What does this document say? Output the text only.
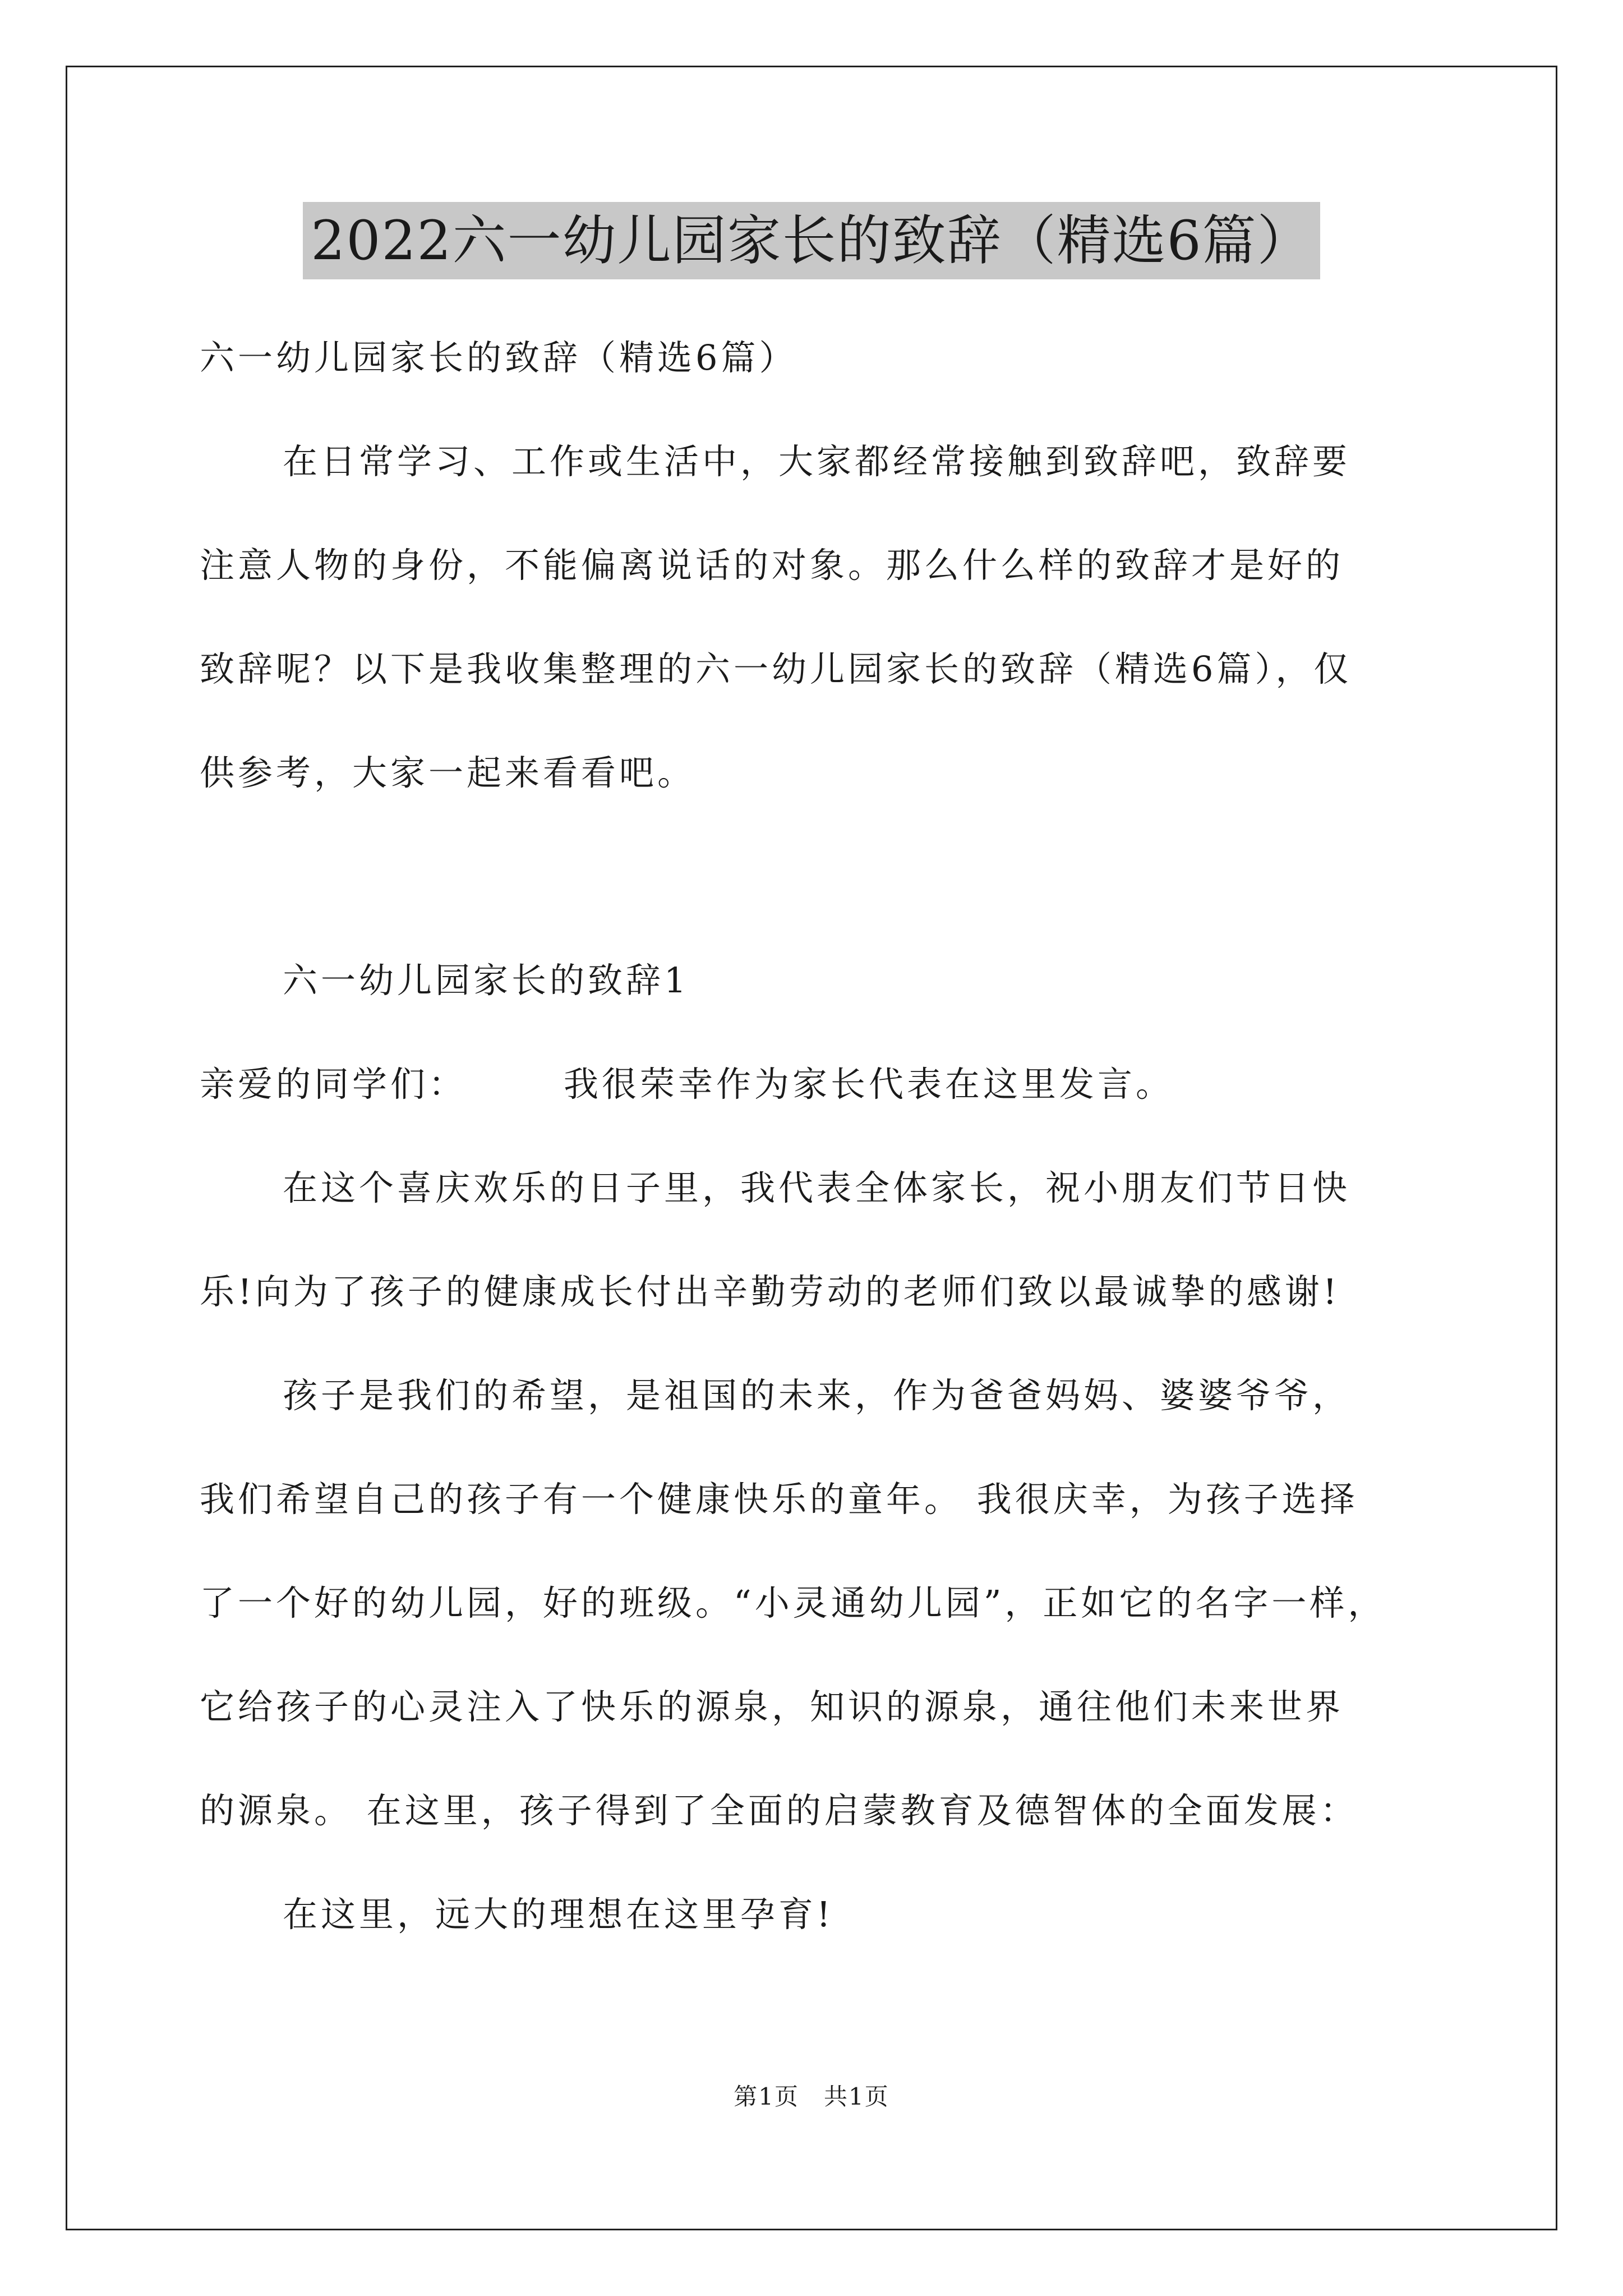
2022六一幼儿园家长的致辞（精选6篇）
六一幼儿园家长的致辞（精选6篇）
在日常学习、工作或生活中，大家都经常接触到致辞吧，致辞要
注意人物的身份，不能偏离说话的对象。那么什么样的致辞才是好的
致辞呢？以下是我收集整理的六一幼儿园家长的致辞（精选6篇），仅
供参考，大家一起来看看吧。
六一幼儿园家长的致辞1
亲爱的同学们：　　　我很荣幸作为家长代表在这里发言。
在这个喜庆欢乐的日子里，我代表全体家长，祝小朋友们节日快
乐!向为了孩子的健康成长付出辛勤劳动的老师们致以最诚挚的感谢!
孩子是我们的希望，是祖国的未来，作为爸爸妈妈、婆婆爷爷，
我们希望自己的孩子有一个健康快乐的童年。 我很庆幸，为孩子选择
了一个好的幼儿园，好的班级。“小灵通幼儿园”，正如它的名字一样，
它给孩子的心灵注入了快乐的源泉，知识的源泉，通往他们未来世界
的源泉。 在这里，孩子得到了全面的启蒙教育及德智体的全面发展：
在这里，远大的理想在这里孕育!
第1页　共1页
